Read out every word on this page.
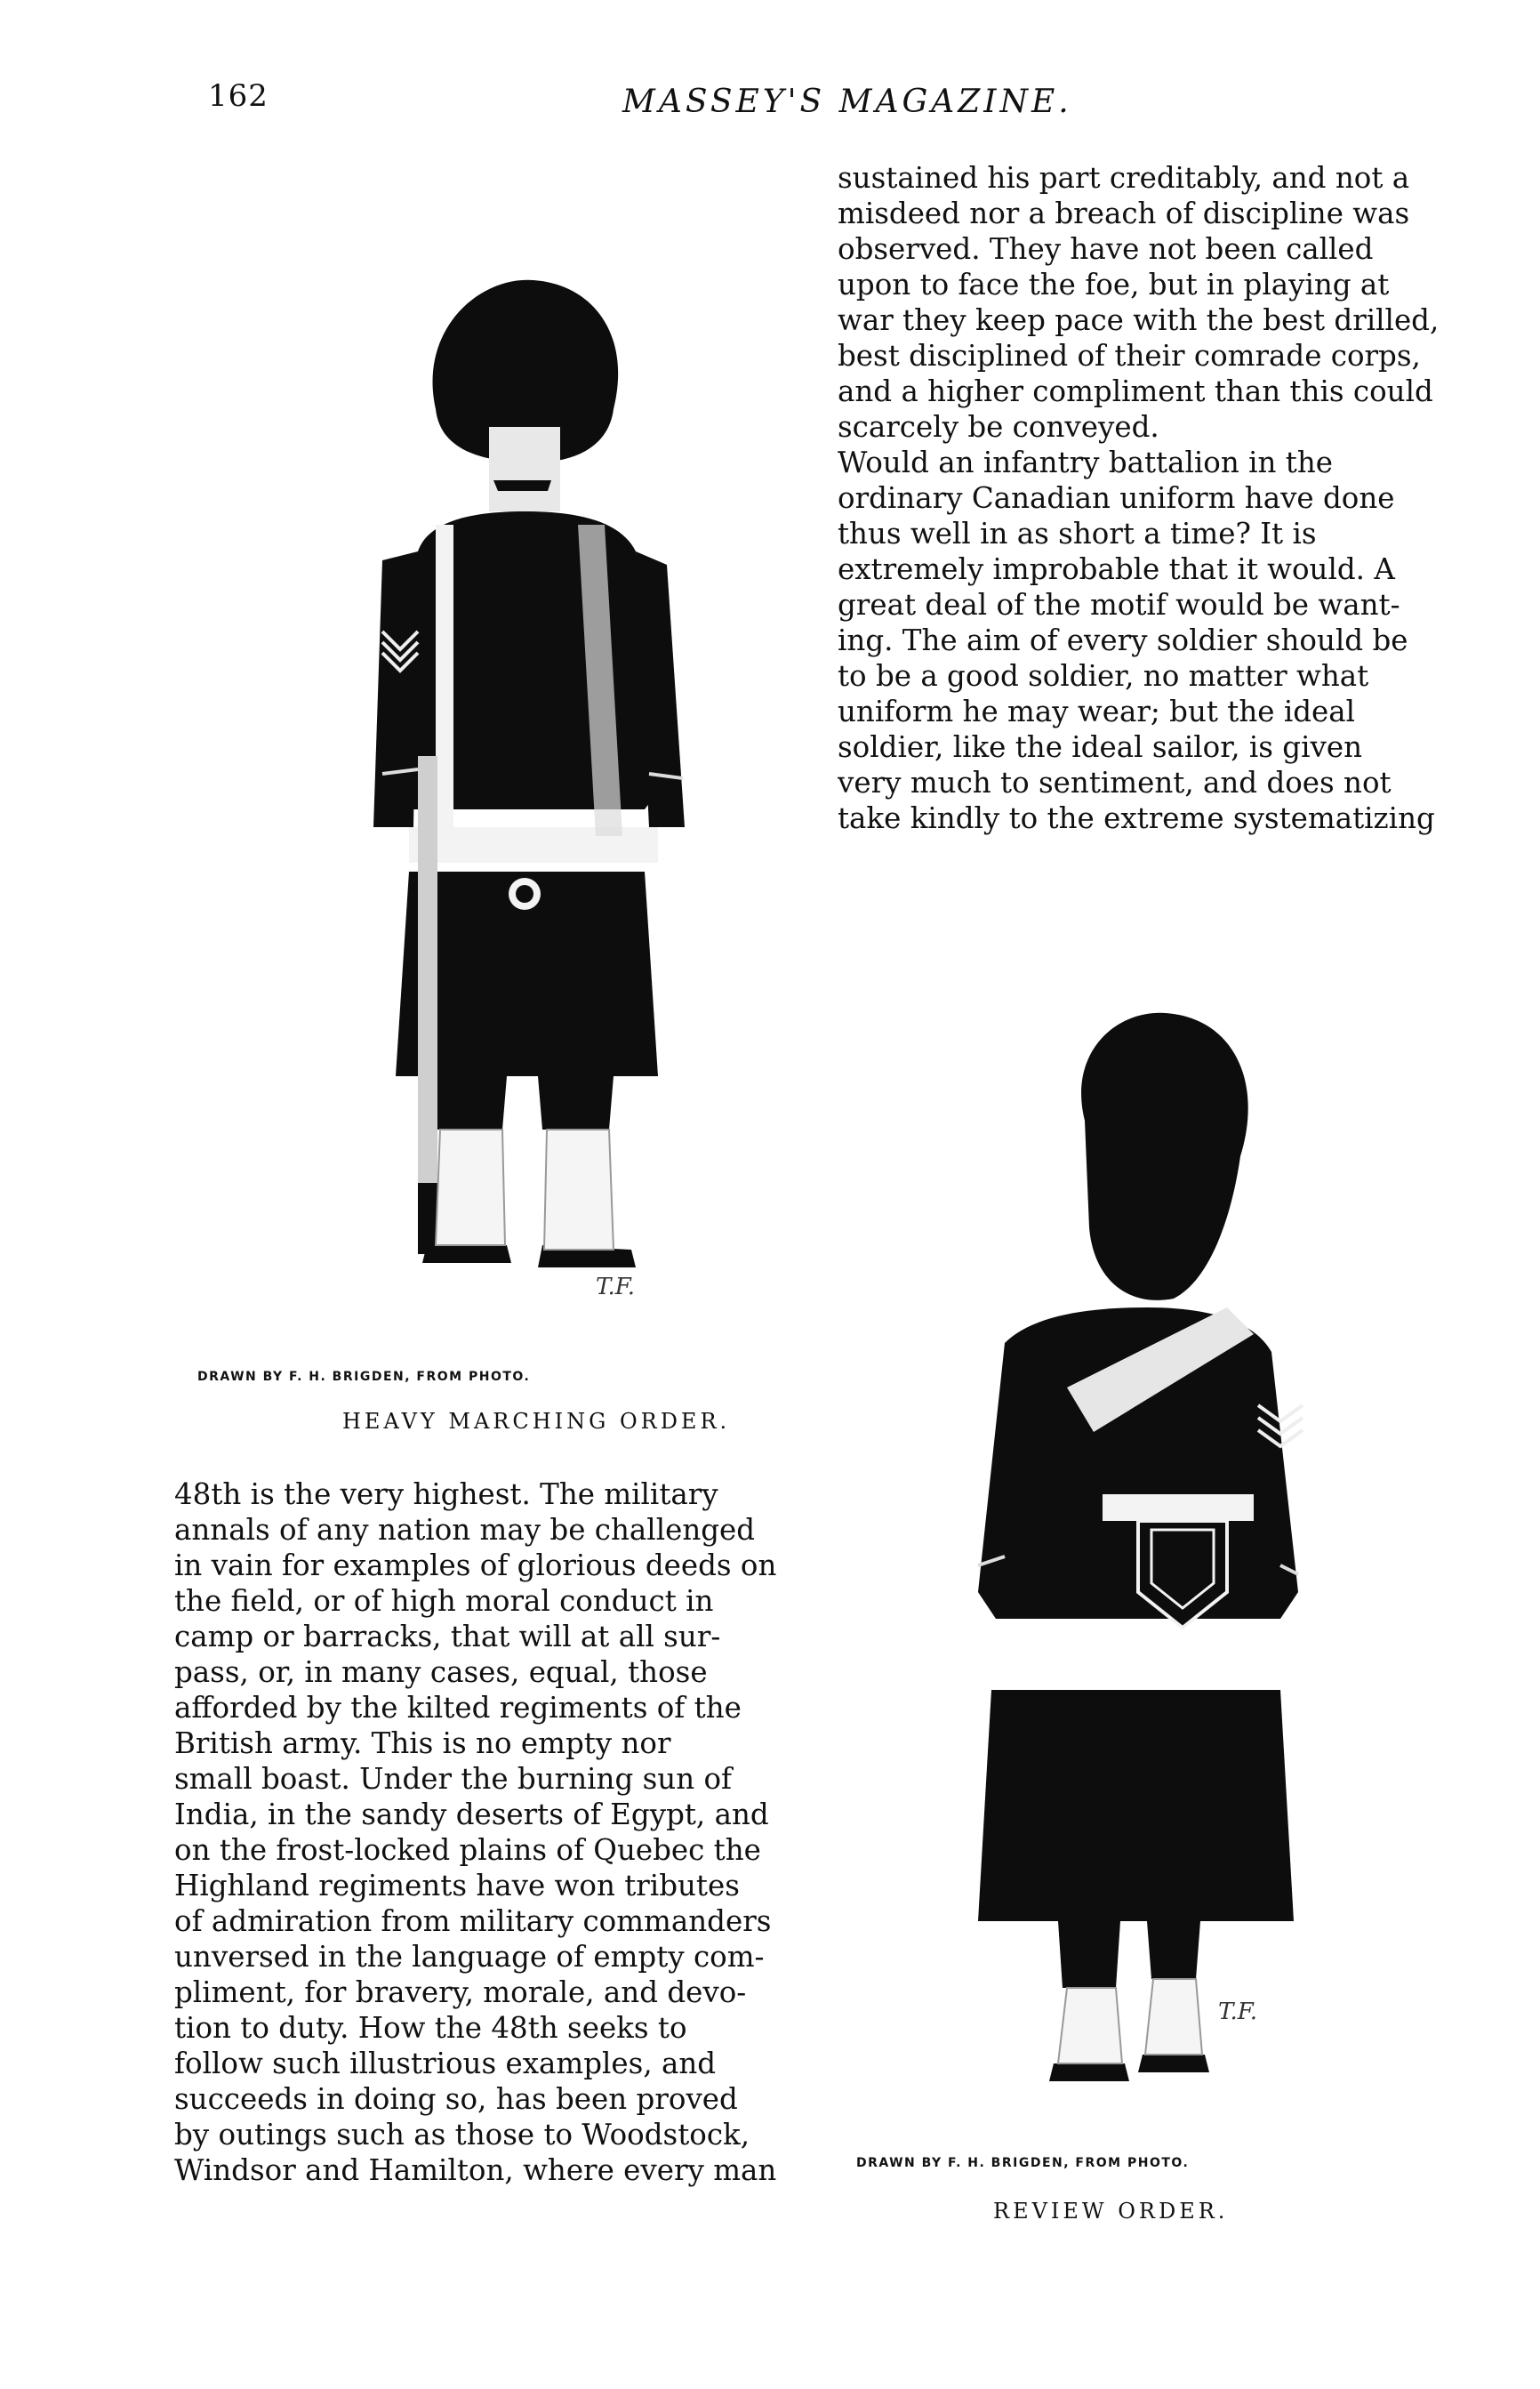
162	MASSEY'S MAGAZINE.
sustained his part creditably, and not a
misdeed nor a breach of discipline was
observed. They have not been called
upon to face the foe, but in playing at
war they keep pace with the best drilled,
best disciplined of their comrade corps,
and a higher compliment than this could
scarcely be conveyed.
Would an infantry battalion in the
ordinary Canadian uniform have done
thus well in as short a time? It is
extremely improbable that it would. A
great deal of the motif would be want-
ing. The aim of every soldier should be
to be a good soldier, no matter what
uniform he may wear; but the ideal
soldier, like the ideal sailor, is given
very much to sentiment, and does not
take kindly to the extreme systematizing
T.F.
DRAWN BY F. H. BRIGDEN, FROM PHOTO.
HEAVY MARCHING ORDER.
48th is the very highest. The military
annals of any nation may be challenged
in vain for examples of glorious deeds on
the field, or of high moral conduct in
camp or barracks, that will at all sur-
pass, or, in many cases, equal, those
afforded by the kilted regiments of the
British army. This is no empty nor
small boast. Under the burning sun of
India, in the sandy deserts of Egypt, and
on the frost-locked plains of Quebec the
Highland regiments have won tributes
of admiration from military commanders
unversed in the language of empty com-
pliment, for bravery, morale, and devo-
tion to duty. How the 48th seeks to
follow such illustrious examples, and
succeeds in doing so, has been proved
by outings such as those to Woodstock,
Windsor and Hamilton, where every man
T.F.
DRAWN BY F. H. BRIGDEN, FROM PHOTO.
REVIEW ORDER.
